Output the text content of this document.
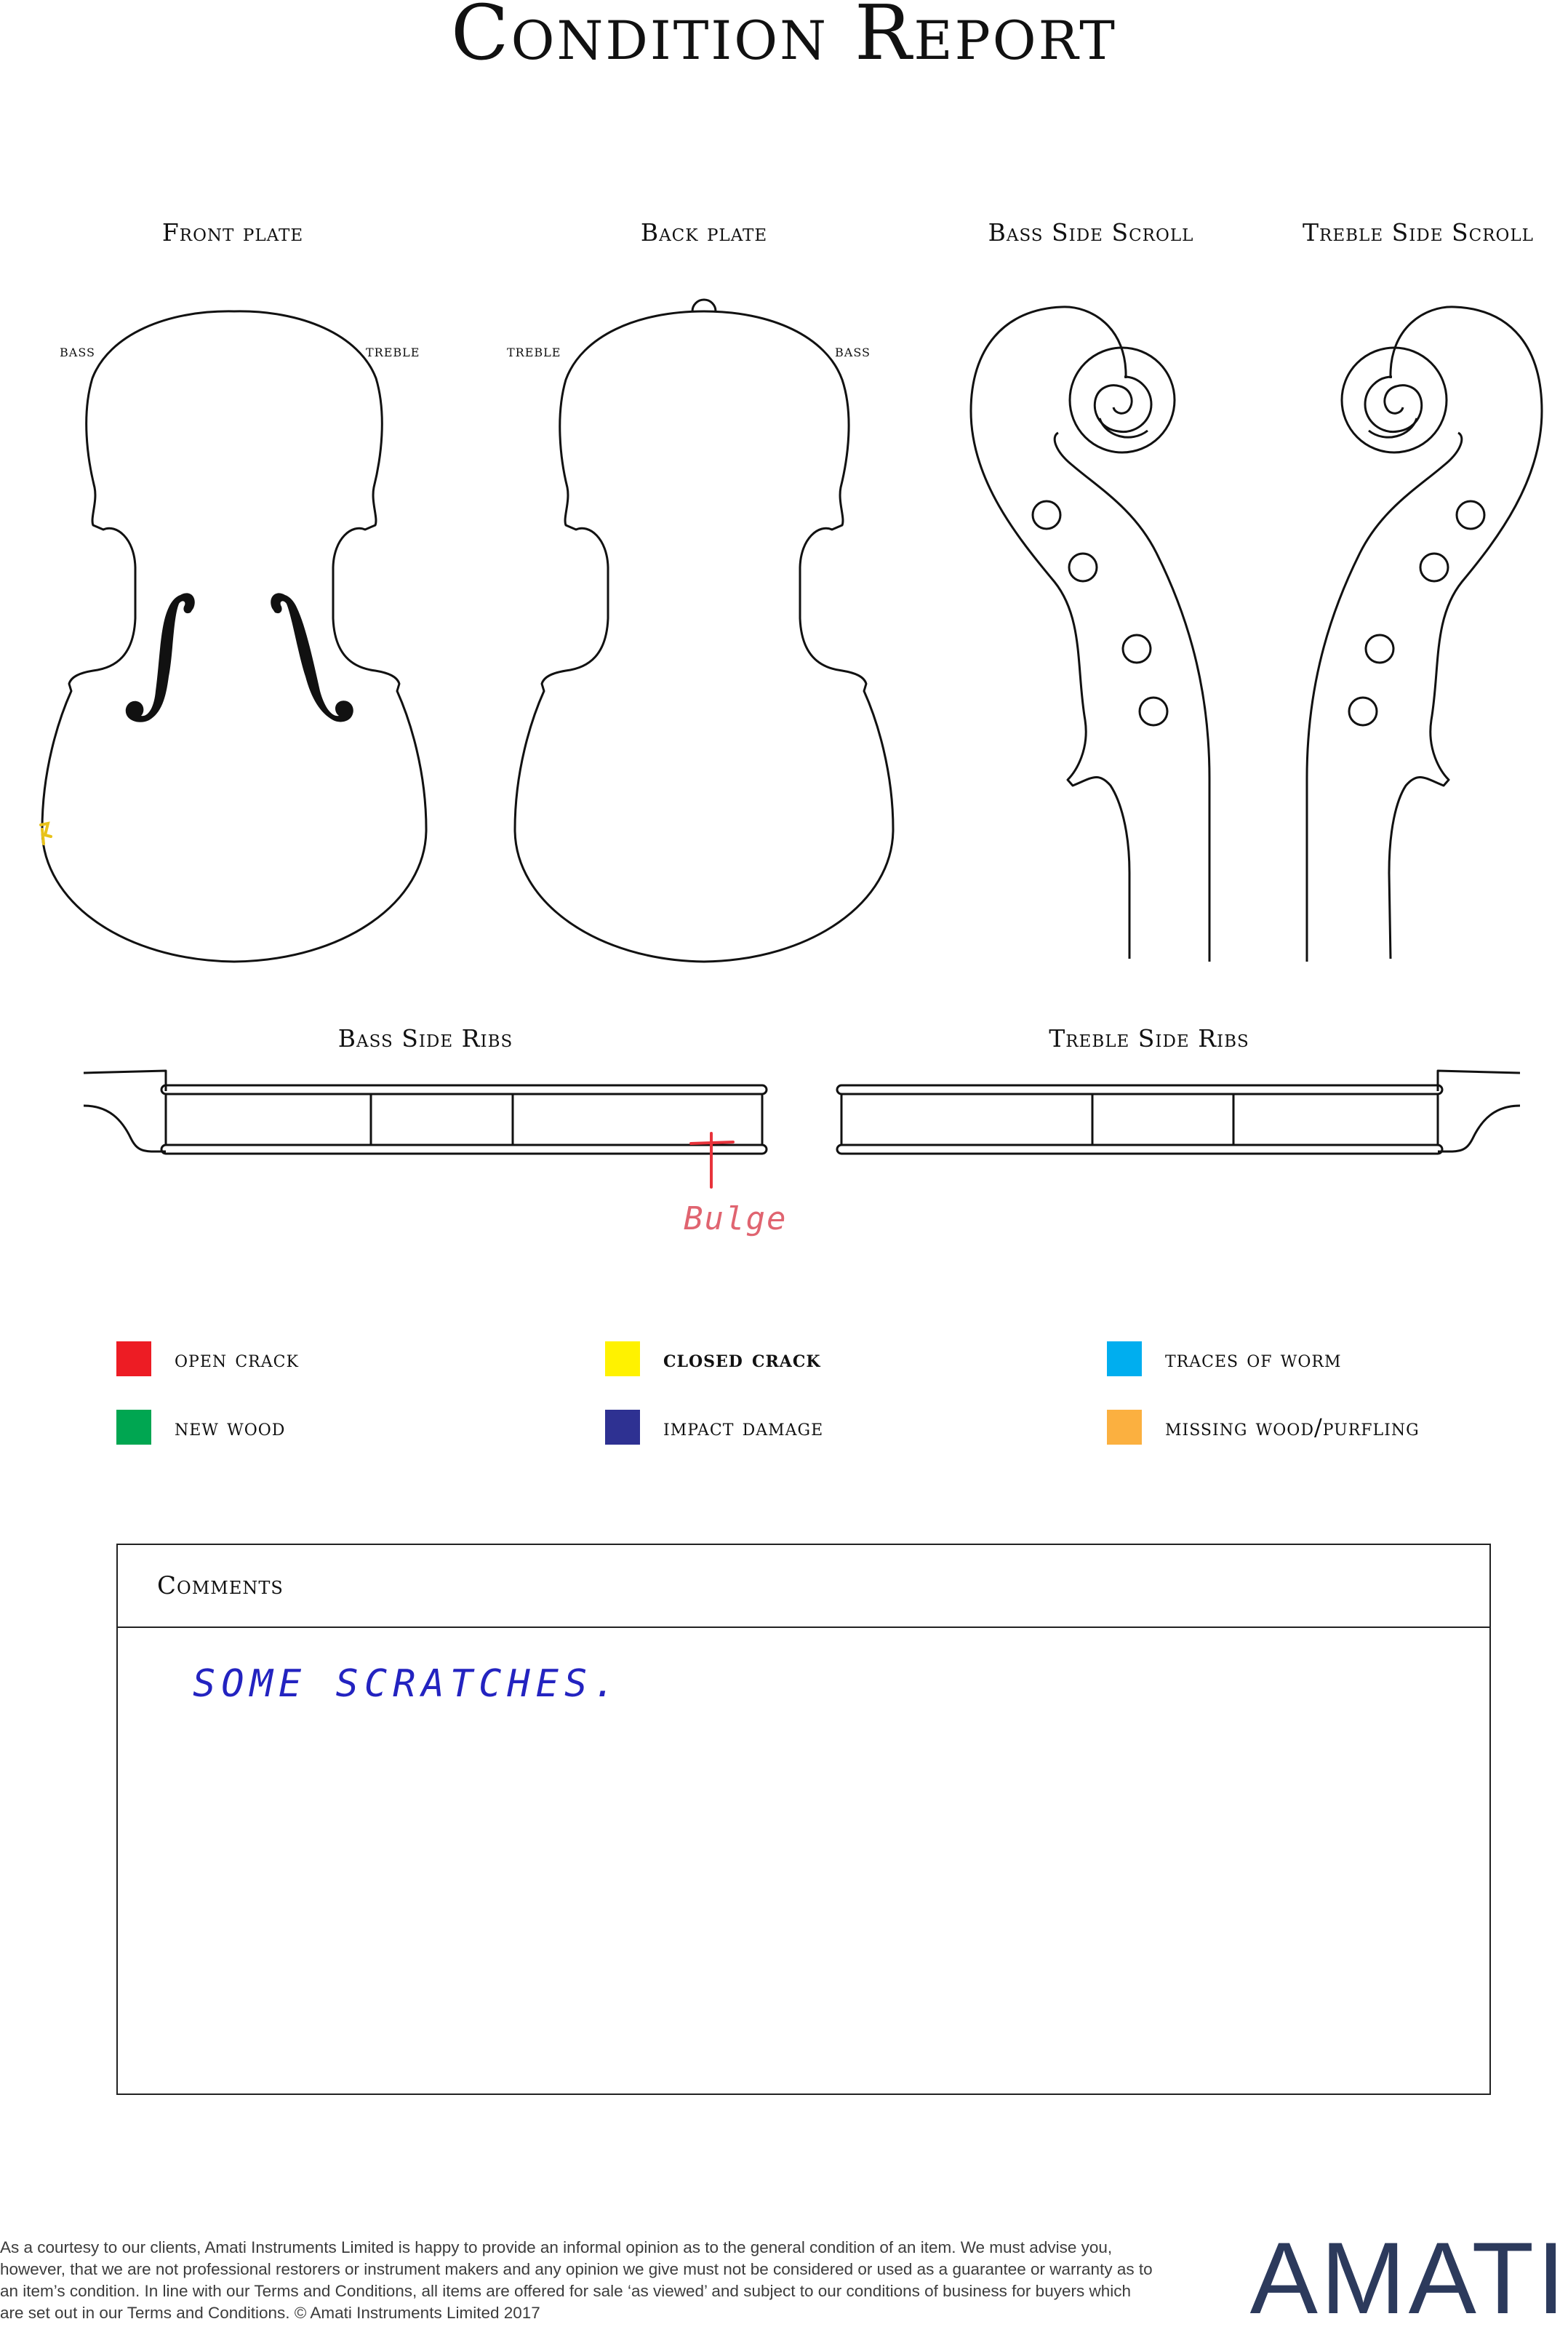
Condition Report
Front plate	Back plate	Bass Side Scroll	Treble Side Scroll
bass	treble	treble	bass
Bass Side Ribs	Treble Side Ribs
Bulge
open crack	closed crack	traces of worm
new wood	impact damage	missing wood/purfling
Comments
SOME SCRATCHES.
As a courtesy to our clients, Amati Instruments Limited is happy to provide an informal opinion as to the general condition of an item. We must advise you, however, that we are not professional restorers or instrument makers and any opinion we give must not be considered or used as a guarantee or warranty as to an item’s condition. In line with our Terms and Conditions, all items are offered for sale ‘as viewed’ and subject to our conditions of business for buyers which are set out in our Terms and Conditions. © Amati Instruments Limited 2017	AMATI
